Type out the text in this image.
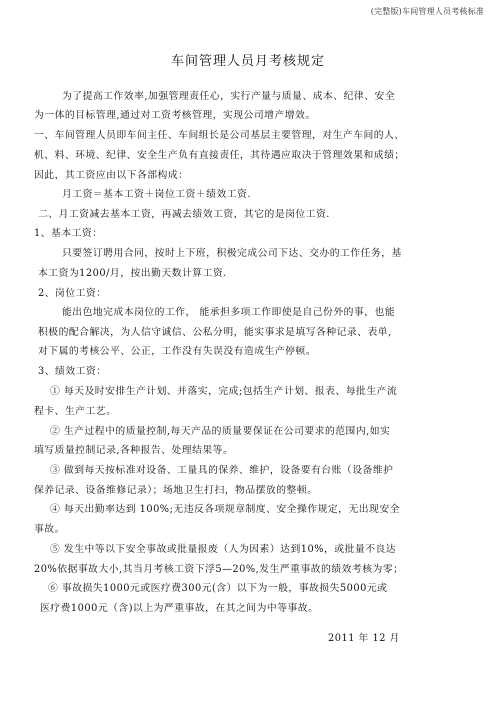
(完整版)车间管理人员考核标准
车间管理人员月考核规定
为了提高工作效率,加强管理责任心，实行产量与质量、成本、纪律、安全
为一体的目标管理,通过对工资考核管理，实现公司增产增效。
一、车间管理人员即车间主任、车间组长是公司基层主要管理，对生产车间的人、
机、料、环境、纪律、安全生产负有直接责任，其待遇应取决于管理效果和成绩；
因此，其工资应由以下各部构成：
月工资＝基本工资＋岗位工资＋绩效工资.
二、月工资减去基本工资，再减去绩效工资，其它的是岗位工资.
1、基本工资：
只要签订聘用合同，按时上下班，积极完成公司下达、交办的工作任务，基
本工资为1200/月，按出勤天数计算工资.
2、岗位工资：
能出色地完成本岗位的工作， 能承担多项工作即使是自己份外的事，也能
积极的配合解决，为人信守诚信、公私分明，能实事求是填写各种记录、表单,
对下属的考核公平、公正，工作没有失误没有造成生产停顿。
3、绩效工资：
① 每天及时安排生产计划、并落实，完成;包括生产计划、报表、每批生产流
程卡、生产工艺。
② 生产过程中的质量控制,每天产品的质量要保证在公司要求的范围内,如实
填写质量控制记录,各种报告、处理结果等。
③ 做到每天按标准对设备、工量具的保养、维护，设备要有台账（设备维护
保养记录、设备维修记录）；场地卫生打扫，物品摆放的整顿。
④ 每天出勤率达到 100%;无违反各项规章制度、安全操作规定，无出现安全
事故。
⑤ 发生中等以下安全事故或批量报废（人为因素）达到10%，或批量不良达
20%依据事故大小,其当月考核工资下浮5—20%,发生严重事故的绩效考核为零；
⑥ 事故损失1000元或医疗费300元(含）以下为一般，事故损失5000元或
医疗费1000元（含)以上为严重事故，在其之间为中等事故。
2011 年 12 月
